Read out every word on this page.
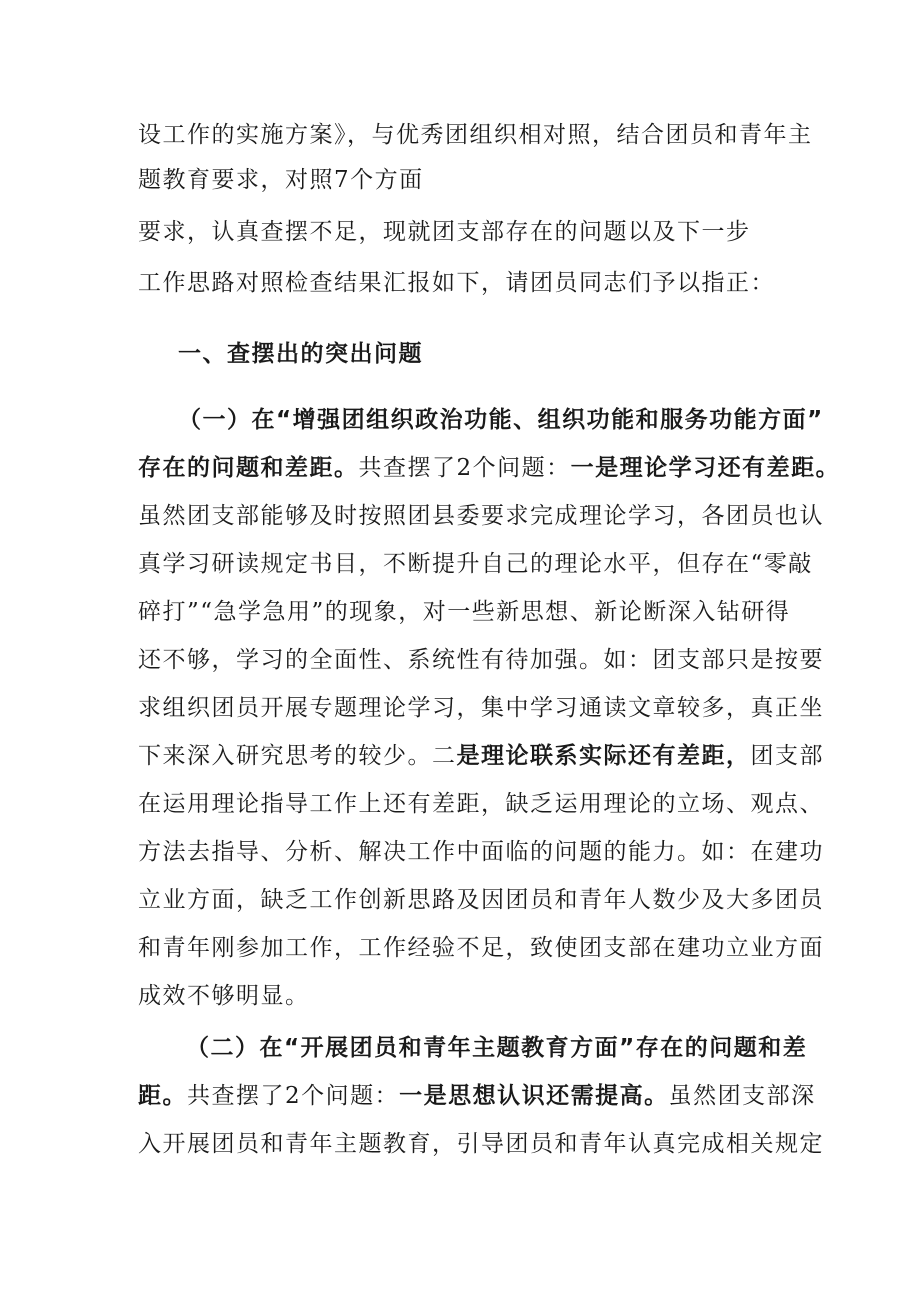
设工作的实施方案》，与优秀团组织相对照，结合团员和青年主
题教育要求，对照7个方面
要求，认真查摆不足，现就团支部存在的问题以及下一步
工作思路对照检查结果汇报如下，请团员同志们予以指正：
一、查摆出的突出问题
（一）在“增强团组织政治功能、组织功能和服务功能方面”
存在的问题和差距。共查摆了2个问题：一是理论学习还有差距。
虽然团支部能够及时按照团县委要求完成理论学习，各团员也认
真学习研读规定书目，不断提升自己的理论水平，但存在“零敲
碎打”“急学急用”的现象，对一些新思想、新论断深入钻研得
还不够，学习的全面性、系统性有待加强。如：团支部只是按要
求组织团员开展专题理论学习，集中学习通读文章较多，真正坐
下来深入研究思考的较少。二是理论联系实际还有差距，团支部
在运用理论指导工作上还有差距，缺乏运用理论的立场、观点、
方法去指导、分析、解决工作中面临的问题的能力。如：在建功
立业方面，缺乏工作创新思路及因团员和青年人数少及大多团员
和青年刚参加工作，工作经验不足，致使团支部在建功立业方面
成效不够明显。
（二）在“开展团员和青年主题教育方面”存在的问题和差
距。共查摆了2个问题：一是思想认识还需提高。虽然团支部深
入开展团员和青年主题教育，引导团员和青年认真完成相关规定
